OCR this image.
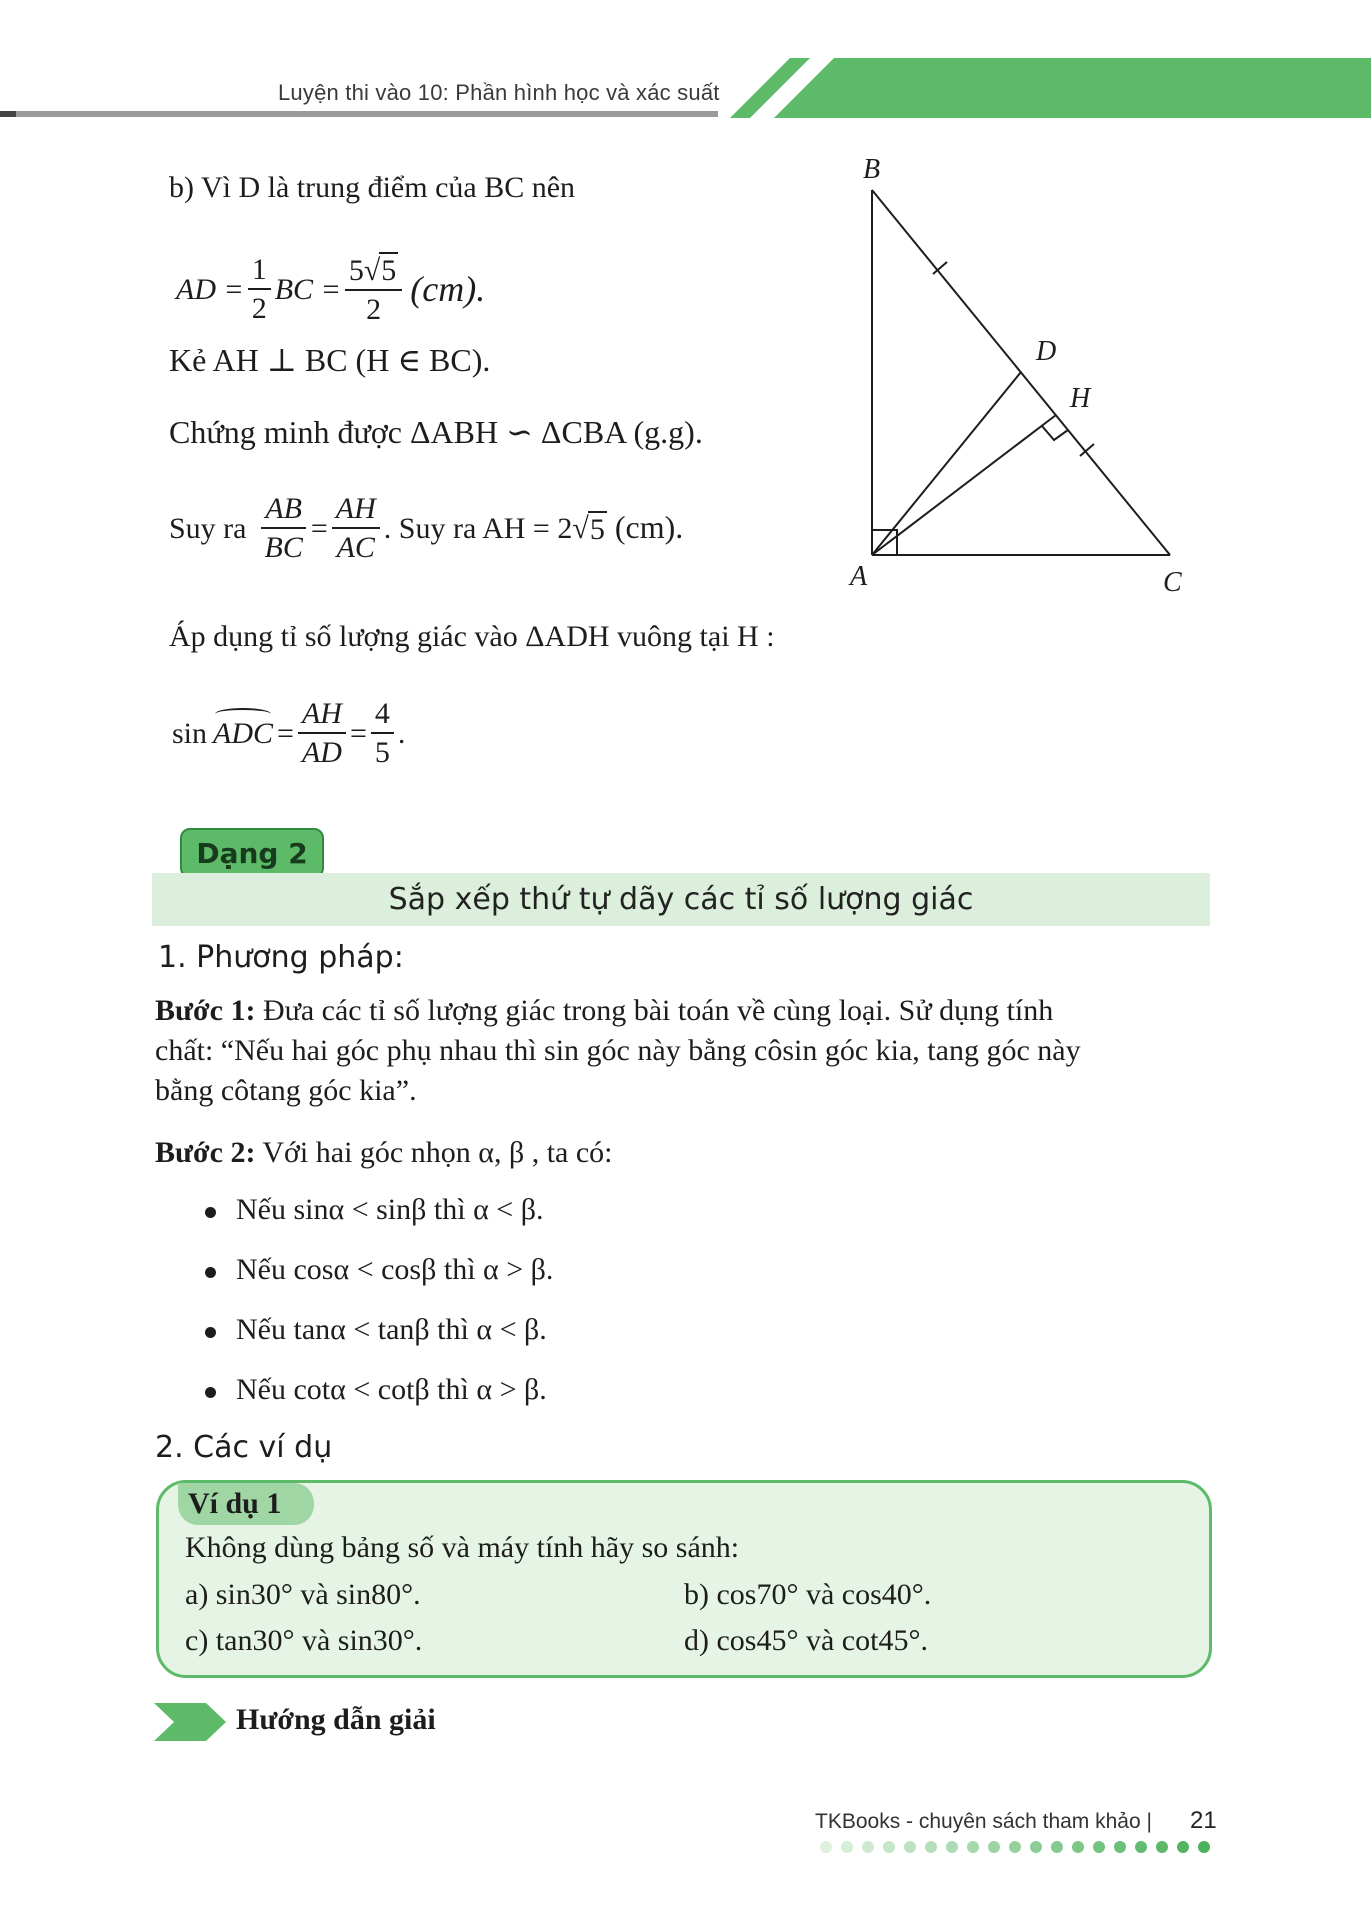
Luyện thi vào 10: Phần hình học và xác suất
b) Vì D là trung điểm của BC nên
AD = $\frac{1}{2}$ BC = $\frac{5√5}{2} (cm)$.
Kẻ AH ⊥ BC (H ∈ BC).
Chứng minh được ΔABH ∽ ΔCBA (g.g).
Suy ra $\frac{AB}{BC} = \frac{AH}{AC}$ . Suy ra AH = 2 √ 5 (cm).
Áp dụng tỉ số lượng giác vào ΔADH vuông tại H :
sin ADC = $\frac{AH}{AD} = \frac{4}{5}$ .
B
D
H
A	C
Dạng 2
Sắp xếp thứ tự dãy các tỉ số lượng giác
1. Phương pháp:
Bước 1: Đưa các tỉ số lượng giác trong bài toán về cùng loại. Sử dụng tính
chất: “Nếu hai góc phụ nhau thì sin góc này bằng côsin góc kia, tang góc này
bằng côtang góc kia”.
Bước 2: Với hai góc nhọn α, β , ta có:
Nếu sinα < sinβ thì α < β.
Nếu cosα < cosβ thì α > β.
Nếu tanα < tanβ thì α < β.
Nếu cotα < cotβ thì α > β.
2. Các ví dụ
Ví dụ 1
Không dùng bảng số và máy tính hãy so sánh:
a) sin30° và sin80°.	b) cos70° và cos40°.
c) tan30° và sin30°.	d) cos45° và cot45°.
Hướng dẫn giải
TKBooks - chuyên sách tham khảo | 21
